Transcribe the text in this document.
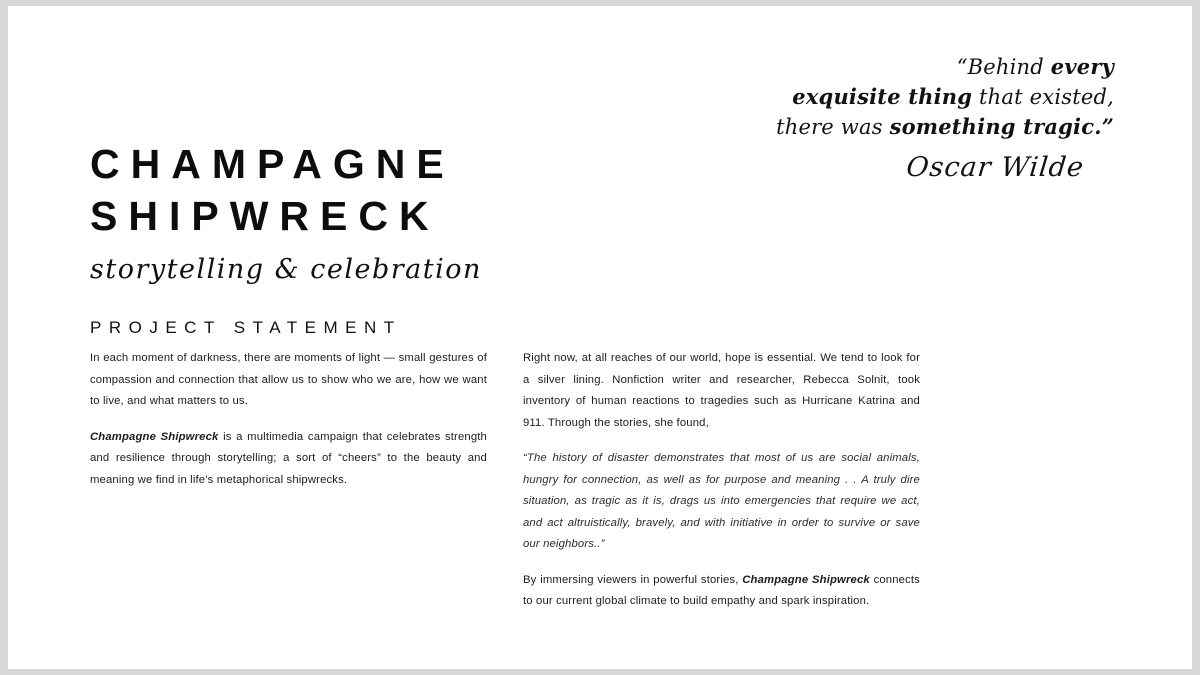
“Behind every
exquisite thing that existed,
there was something tragic.”
Oscar Wilde
CHAMPAGNE
SHIPWRECK
storytelling & celebration
PROJECT STATEMENT

In each moment of darkness, there are moments of light — small gestures of compassion and connection that allow us to show who we are, how we want to live, and what matters to us.

Champagne Shipwreck is a multimedia campaign that celebrates strength and resilience through storytelling; a sort of “cheers” to the beauty and meaning we find in life’s metaphorical shipwrecks.

Right now, at all reaches of our world, hope is essential. We tend to look for a silver lining. Nonfiction writer and researcher, Rebecca Solnit, took inventory of human reactions to tragedies such as Hurricane Katrina and 911. Through the stories, she found,

“The history of disaster demonstrates that most of us are social animals, hungry for connection, as well as for purpose and meaning . . A truly dire situation, as tragic as it is, drags us into emergencies that require we act, and act altruistically, bravely, and with initiative in order to survive or save our neighbors..”

By immersing viewers in powerful stories, Champagne Shipwreck connects to our current global climate to build empathy and spark inspiration.
